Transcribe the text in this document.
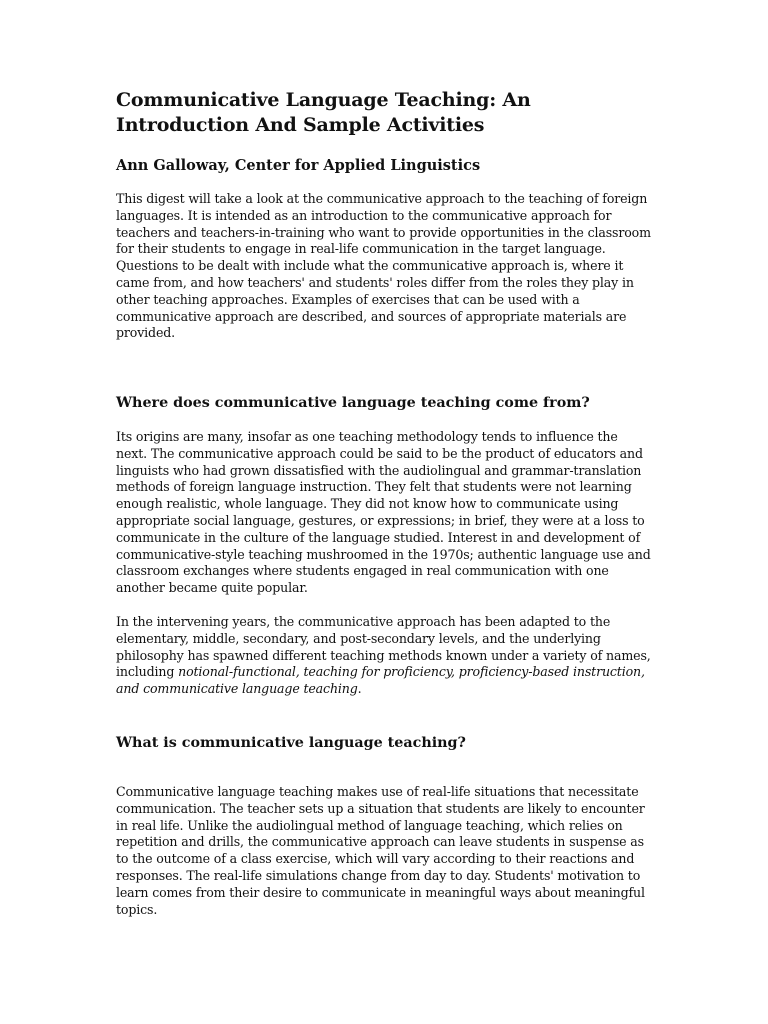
Communicative Language Teaching: An Introduction And Sample Activities
Ann Galloway, Center for Applied Linguistics

This digest will take a look at the communicative approach to the teaching of foreign languages. It is intended as an introduction to the communicative approach for teachers and teachers-in-training who want to provide opportunities in the classroom for their students to engage in real-life communication in the target language. Questions to be dealt with include what the communicative approach is, where it came from, and how teachers' and students' roles differ from the roles they play in other teaching approaches. Examples of exercises that can be used with a communicative approach are described, and sources of appropriate materials are provided.

Where does communicative language teaching come from?

Its origins are many, insofar as one teaching methodology tends to influence the next. The communicative approach could be said to be the product of educators and linguists who had grown dissatisfied with the audiolingual and grammar-translation methods of foreign language instruction. They felt that students were not learning enough realistic, whole language. They did not know how to communicate using appropriate social language, gestures, or expressions; in brief, they were at a loss to communicate in the culture of the language studied. Interest in and development of communicative-style teaching mushroomed in the 1970s; authentic language use and classroom exchanges where students engaged in real communication with one another became quite popular.

In the intervening years, the communicative approach has been adapted to the elementary, middle, secondary, and post-secondary levels, and the underlying philosophy has spawned different teaching methods known under a variety of names, including notional-functional, teaching for proficiency, proficiency-based instruction, and communicative language teaching.

What is communicative language teaching?

Communicative language teaching makes use of real-life situations that necessitate communication. The teacher sets up a situation that students are likely to encounter in real life. Unlike the audiolingual method of language teaching, which relies on repetition and drills, the communicative approach can leave students in suspense as to the outcome of a class exercise, which will vary according to their reactions and responses. The real-life simulations change from day to day. Students' motivation to learn comes from their desire to communicate in meaningful ways about meaningful topics.
